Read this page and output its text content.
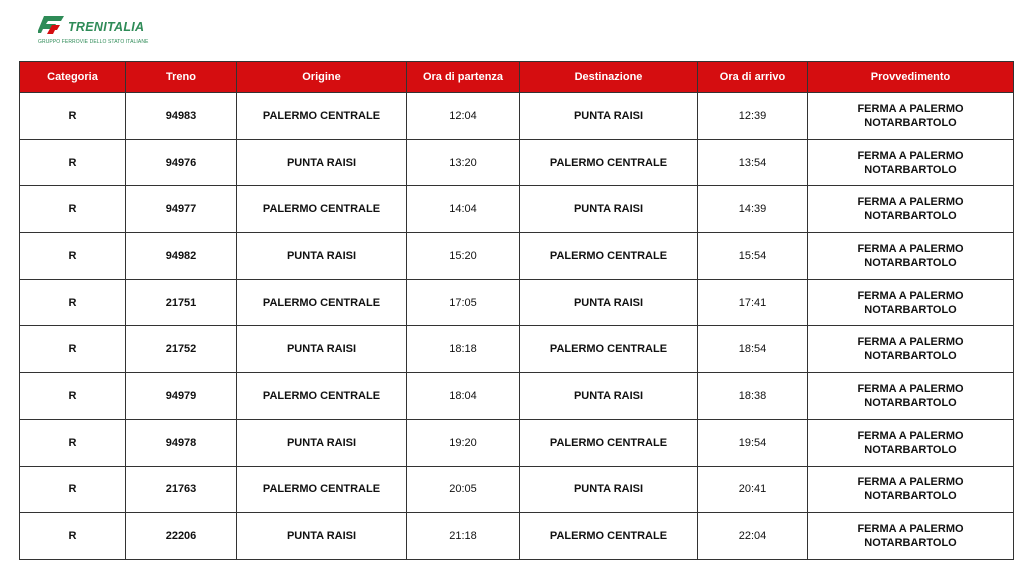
TRENITALIA
GRUPPO FERROVIE DELLO STATO ITALIANE
Categoria	Treno	Origine	Ora di partenza	Destinazione	Ora di arrivo	Provvedimento
R	94983	PALERMO CENTRALE	12:04	PUNTA RAISI	12:39	FERMA A PALERMO NOTARBARTOLO
R	94976	PUNTA RAISI	13:20	PALERMO CENTRALE	13:54	FERMA A PALERMO NOTARBARTOLO
R	94977	PALERMO CENTRALE	14:04	PUNTA RAISI	14:39	FERMA A PALERMO NOTARBARTOLO
R	94982	PUNTA RAISI	15:20	PALERMO CENTRALE	15:54	FERMA A PALERMO NOTARBARTOLO
R	21751	PALERMO CENTRALE	17:05	PUNTA RAISI	17:41	FERMA A PALERMO NOTARBARTOLO
R	21752	PUNTA RAISI	18:18	PALERMO CENTRALE	18:54	FERMA A PALERMO NOTARBARTOLO
R	94979	PALERMO CENTRALE	18:04	PUNTA RAISI	18:38	FERMA A PALERMO NOTARBARTOLO
R	94978	PUNTA RAISI	19:20	PALERMO CENTRALE	19:54	FERMA A PALERMO NOTARBARTOLO
R	21763	PALERMO CENTRALE	20:05	PUNTA RAISI	20:41	FERMA A PALERMO NOTARBARTOLO
R	22206	PUNTA RAISI	21:18	PALERMO CENTRALE	22:04	FERMA A PALERMO NOTARBARTOLO
